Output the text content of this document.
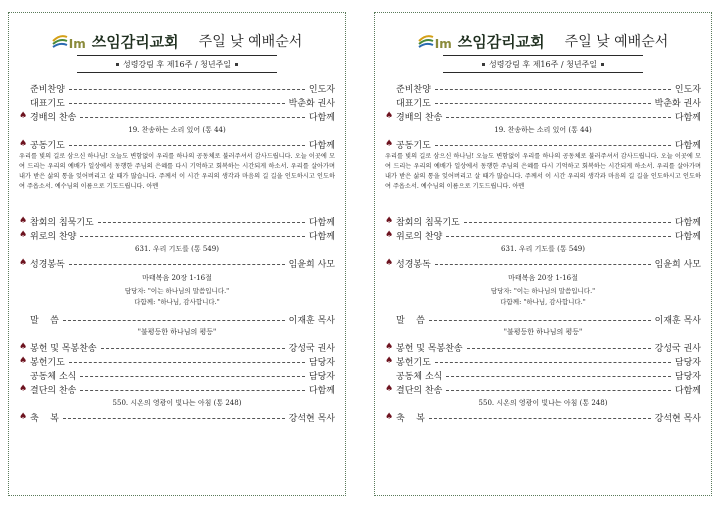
Im 쓰임감리교회 주일 낮 예배순서
성령강림 후 제16주 / 청년주일
준비찬양	인도자
대표기도	박춘화 권사
♠ 경배의 찬송	다함께
19. 찬송하는 소리 있어 (통 44)
♠ 공동기도	다함께
우리를 빛의 길로 삼으신 하나님! 오늘도 변함없이 우리를 하나의 공동체로 불러주셔서 감사드립니다. 오늘 이곳에 모여 드리는 우리의 예배가 일상에서 동행한 주님의 은혜를 다시 기억하고 회복하는 시간되게 하소서. 우리를 살아가며 내가 받은 삶의 통을 잊어버리고 살 때가 많습니다. 주께서 이 시간 우리의 생각과 마음의 길 길을 인도하시고 인도하여 주옵소서. 예수님의 이름으로 기도드립니다. 아멘
♠ 참회의 침묵기도	다함께
♠ 위로의 찬양	다함께
631. 우리 기도를 (통 549)
♠ 성경봉독	임윤희 사모
마태복음 20장 1-16절
담당자: "이는 하나님의 말씀입니다."
다함께: "하나님, 감사합니다."
말    씀	이재훈 목사
"불평등한 하나님의 평등"
♠ 봉헌 및 목봉찬송	강성국 권사
♠ 봉헌기도	담당자
공동체 소식	담당자
♠ 결단의 찬송	다함께
550. 시온의 영광이 빛나는 아침 (통 248)
♠ 축    복	강석현 목사
Im 쓰임감리교회 주일 낮 예배순서
성령강림 후 제16주 / 청년주일
준비찬양	인도자
대표기도	박춘화 권사
♠ 경배의 찬송	다함께
19. 찬송하는 소리 있어 (통 44)
♠ 공동기도	다함께
우리를 빛의 길로 삼으신 하나님! 오늘도 변함없이 우리를 하나의 공동체로 불러주셔서 감사드립니다. 오늘 이곳에 모여 드리는 우리의 예배가 일상에서 동행한 주님의 은혜를 다시 기억하고 회복하는 시간되게 하소서. 우리를 살아가며 내가 받은 삶의 통을 잊어버리고 살 때가 많습니다. 주께서 이 시간 우리의 생각과 마음의 길 길을 인도하시고 인도하여 주옵소서. 예수님의 이름으로 기도드립니다. 아멘
♠ 참회의 침묵기도	다함께
♠ 위로의 찬양	다함께
631. 우리 기도를 (통 549)
♠ 성경봉독	임윤희 사모
마태복음 20장 1-16절
담당자: "이는 하나님의 말씀입니다."
다함께: "하나님, 감사합니다."
말    씀	이재훈 목사
"불평등한 하나님의 평등"
♠ 봉헌 및 목봉찬송	강성국 권사
♠ 봉헌기도	담당자
공동체 소식	담당자
♠ 결단의 찬송	다함께
550. 시온의 영광이 빛나는 아침 (통 248)
♠ 축    복	강석현 목사
